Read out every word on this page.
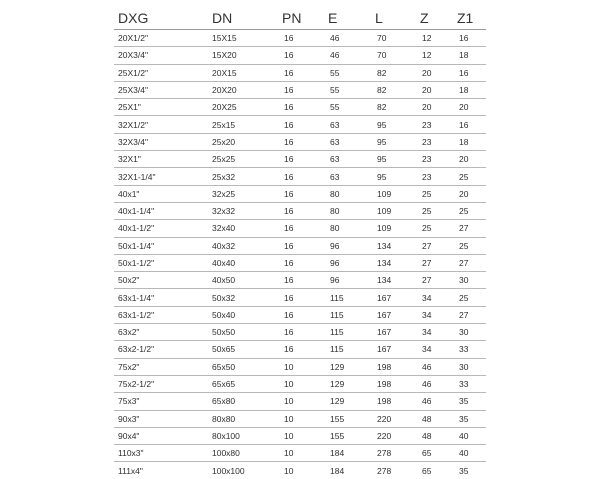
DXG	DN	PN	E	L	Z	Z1
20X1/2"	15X15	16	46	70	12	16
20X3/4"	15X20	16	46	70	12	18
25X1/2"	20X15	16	55	82	20	16
25X3/4"	20X20	16	55	82	20	18
25X1"	20X25	16	55	82	20	20
32X1/2"	25x15	16	63	95	23	16
32X3/4"	25x20	16	63	95	23	18
32X1"	25x25	16	63	95	23	20
32X1-1/4"	25x32	16	63	95	23	25
40x1"	32x25	16	80	109	25	20
40x1-1/4"	32x32	16	80	109	25	25
40x1-1/2"	32x40	16	80	109	25	27
50x1-1/4"	40x32	16	96	134	27	25
50x1-1/2"	40x40	16	96	134	27	27
50x2"	40x50	16	96	134	27	30
63x1-1/4"	50x32	16	115	167	34	25
63x1-1/2"	50x40	16	115	167	34	27
63x2"	50x50	16	115	167	34	30
63x2-1/2"	50x65	16	115	167	34	33
75x2"	65x50	10	129	198	46	30
75x2-1/2"	65x65	10	129	198	46	33
75x3"	65x80	10	129	198	46	35
90x3"	80x80	10	155	220	48	35
90x4"	80x100	10	155	220	48	40
110x3"	100x80	10	184	278	65	40
111x4"	100x100	10	184	278	65	35
